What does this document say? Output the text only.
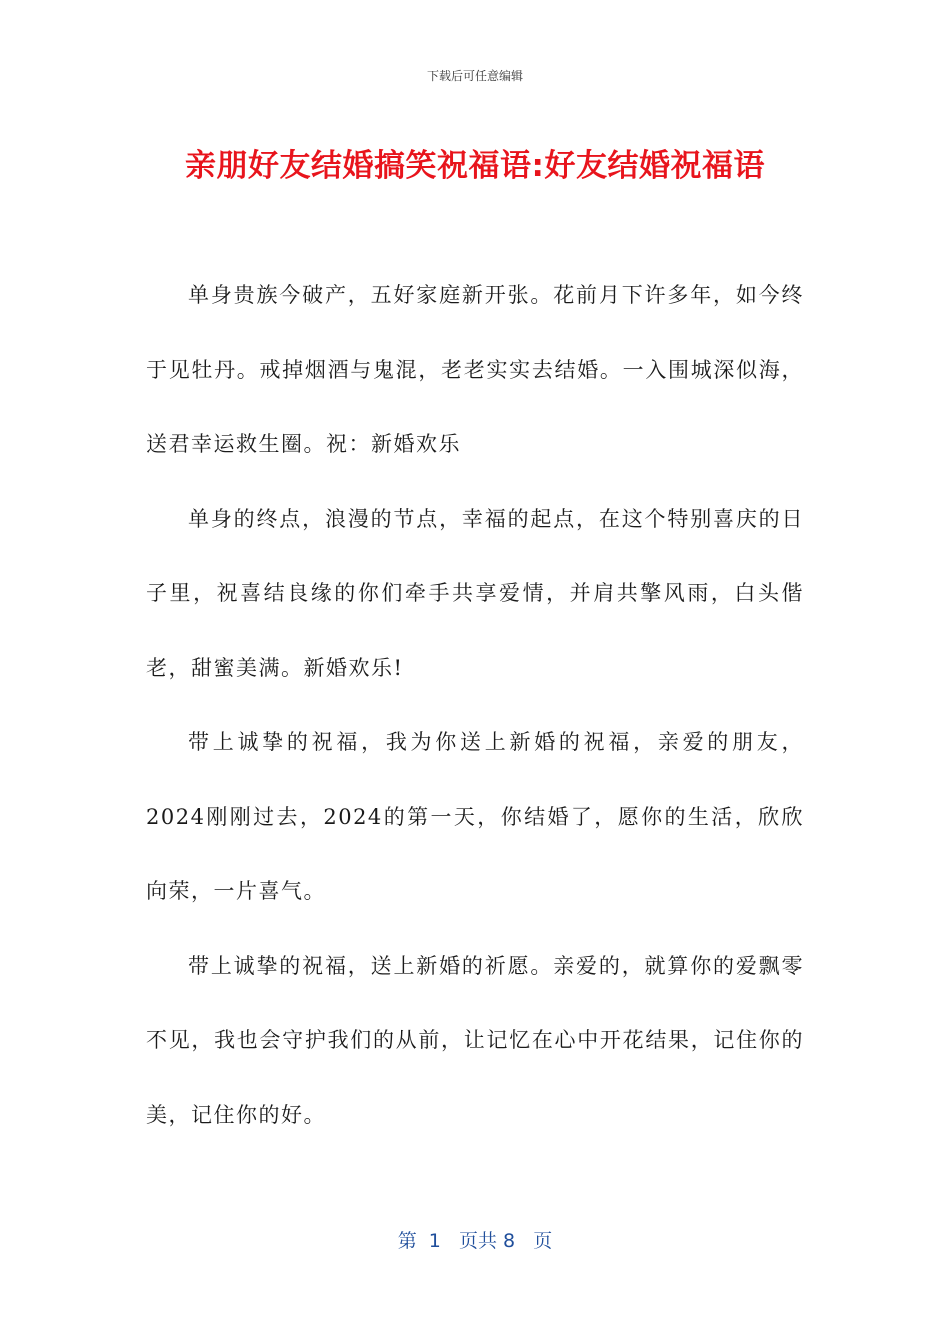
下载后可任意编辑
亲朋好友结婚搞笑祝福语:好友结婚祝福语

单身贵族今破产，五好家庭新开张。花前月下许多年，如今终于见牡丹。戒掉烟酒与鬼混，老老实实去结婚。一入围城深似海，送君幸运救生圈。祝：新婚欢乐

单身的终点，浪漫的节点，幸福的起点，在这个特别喜庆的日子里，祝喜结良缘的你们牵手共享爱情，并肩共擎风雨，白头偕老，甜蜜美满。新婚欢乐!

带上诚挚的祝福，我为你送上新婚的祝福，亲爱的朋友，2024刚刚过去，2024的第一天，你结婚了，愿你的生活，欣欣向荣，一片喜气。

带上诚挚的祝福，送上新婚的祈愿。亲爱的，就算你的爱飘零不见，我也会守护我们的从前，让记忆在心中开花结果，记住你的美，记住你的好。

第  1   页共 8   页
